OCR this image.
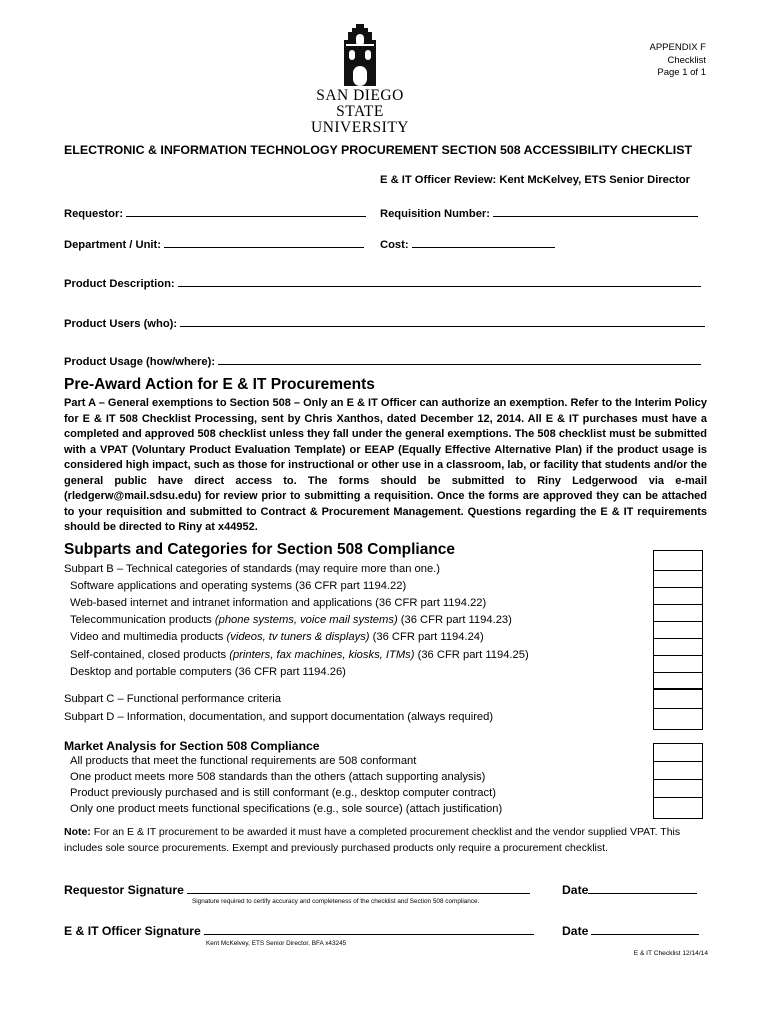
APPENDIX F
Checklist
Page 1 of 1
SAN DIEGO STATE
UNIVERSITY
ELECTRONIC & INFORMATION TECHNOLOGY PROCUREMENT SECTION 508 ACCESSIBILITY CHECKLIST
E & IT Officer Review: Kent McKelvey, ETS Senior Director
Requestor:	Requisition Number:
Department / Unit:	Cost:
Product Description:
Product Users (who):
Product Usage (how/where):
Pre-Award Action for E & IT Procurements
Part A – General exemptions to Section 508 – Only an E & IT Officer can authorize an exemption. Refer to the Interim Policy for E & IT 508 Checklist Processing, sent by Chris Xanthos, dated December 12, 2014. All E & IT purchases must have a completed and approved 508 checklist unless they fall under the general exemptions. The 508 checklist must be submitted with a VPAT (Voluntary Product Evaluation Template) or EEAP (Equally Effective Alternative Plan) if the product usage is considered high impact, such as those for instructional or other use in a classroom, lab, or facility that students and/or the general public have direct access to. The forms should be submitted to Riny Ledgerwood via e-mail (rledgerw@mail.sdsu.edu) for review prior to submitting a requisition. Once the forms are approved they can be attached to your requisition and submitted to Contract & Procurement Management. Questions regarding the E & IT requirements should be directed to Riny at x44952.
Subparts and Categories for Section 508 Compliance
Subpart B – Technical categories of standards (may require more than one.)
Software applications and operating systems (36 CFR part 1194.22)
Web-based internet and intranet information and applications (36 CFR part 1194.22)
Telecommunication products (phone systems, voice mail systems) (36 CFR part 1194.23)
Video and multimedia products (videos, tv tuners & displays) (36 CFR part 1194.24)
Self-contained, closed products (printers, fax machines, kiosks, ITMs) (36 CFR part 1194.25)
Desktop and portable computers (36 CFR part 1194.26)
Subpart C – Functional performance criteria
Subpart D – Information, documentation, and support documentation (always required)
Market Analysis for Section 508 Compliance
All products that meet the functional requirements are 508 conformant
One product meets more 508 standards than the others (attach supporting analysis)
Product previously purchased and is still conformant (e.g., desktop computer contract)
Only one product meets functional specifications (e.g., sole source) (attach justification)
Note: For an E & IT procurement to be awarded it must have a completed procurement checklist and the vendor supplied VPAT. This includes sole source procurements. Exempt and previously purchased products only require a procurement checklist.
Requestor Signature
Signature required to certify accuracy and completeness of the checklist and Section 508 compliance.
Date
E & IT Officer Signature
Kent McKelvey, ETS Senior Director, BFA x43245
Date
E & IT Checklist 12/14/14
